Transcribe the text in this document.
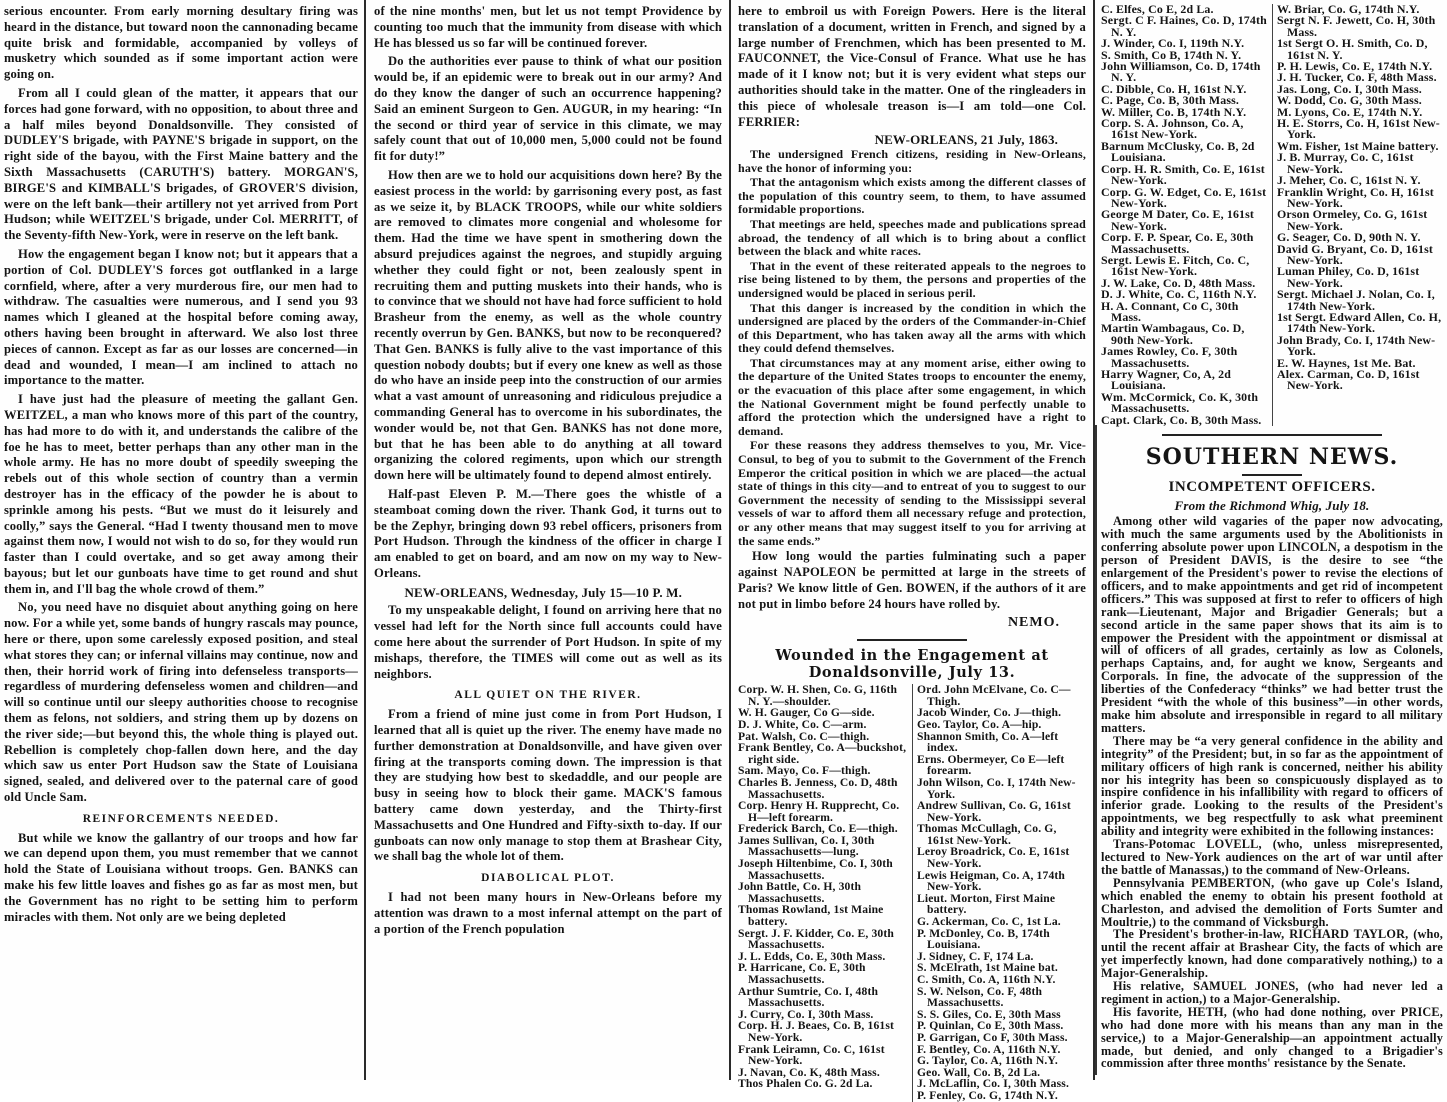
serious encounter. From early morning desultary firing was heard in the distance, but toward noon the cannonading became quite brisk and formidable, accompanied by volleys of musketry which sounded as if some important action were going on.

From all I could glean of the matter, it appears that our forces had gone forward, with no opposition, to about three and a half miles beyond Donaldsonville. They consisted of DUDLEY'S brigade, with PAYNE'S brigade in support, on the right side of the bayou, with the First Maine battery and the Sixth Massachusetts (CARUTH'S) battery. MORGAN'S, BIRGE'S and KIMBALL'S brigades, of GROVER'S division, were on the left bank—their artillery not yet arrived from Port Hudson; while WEITZEL'S brigade, under Col. MERRITT, of the Seventy-fifth New-York, were in reserve on the left bank.

How the engagement began I know not; but it appears that a portion of Col. DUDLEY'S forces got outflanked in a large cornfield, where, after a very murderous fire, our men had to withdraw. The casualties were numerous, and I send you 93 names which I gleaned at the hospital before coming away, others having been brought in afterward. We also lost three pieces of cannon. Except as far as our losses are concerned—in dead and wounded, I mean—I am inclined to attach no importance to the matter.

I have just had the pleasure of meeting the gallant Gen. WEITZEL, a man who knows more of this part of the country, has had more to do with it, and understands the calibre of the foe he has to meet, better perhaps than any other man in the whole army. He has no more doubt of speedily sweeping the rebels out of this whole section of country than a vermin destroyer has in the efficacy of the powder he is about to sprinkle among his pests. “But we must do it leisurely and coolly,” says the General. “Had I twenty thousand men to move against them now, I would not wish to do so, for they would run faster than I could overtake, and so get away among their bayous; but let our gunboats have time to get round and shut them in, and I'll bag the whole crowd of them.”

No, you need have no disquiet about anything going on here now. For a while yet, some bands of hungry rascals may pounce, here or there, upon some carelessly exposed position, and steal what stores they can; or infernal villains may continue, now and then, their horrid work of firing into defenseless transports—regardless of murdering defenseless women and children—and will so continue until our sleepy authorities choose to recognise them as felons, not soldiers, and string them up by dozens on the river side;—but beyond this, the whole thing is played out. Rebellion is completely chop-fallen down here, and the day which saw us enter Port Hudson saw the State of Louisiana signed, sealed, and delivered over to the paternal care of good old Uncle Sam.

REINFORCEMENTS NEEDED.

But while we know the gallantry of our troops and how far we can depend upon them, you must remember that we cannot hold the State of Louisiana without troops. Gen. BANKS can make his few little loaves and fishes go as far as most men, but the Government has no right to be setting him to perform miracles with them. Not only are we being depleted

of the nine months' men, but let us not tempt Providence by counting too much that the immunity from disease with which He has blessed us so far will be continued forever.

Do the authorities ever pause to think of what our position would be, if an epidemic were to break out in our army? And do they know the danger of such an occurrence happening? Said an eminent Surgeon to Gen. AUGUR, in my hearing: “In the second or third year of service in this climate, we may safely count that out of 10,000 men, 5,000 could not be found fit for duty!”

How then are we to hold our acquisitions down here? By the easiest process in the world: by garrisoning every post, as fast as we seize it, by BLACK TROOPS, while our white soldiers are removed to climates more congenial and wholesome for them. Had the time we have spent in smothering down the absurd prejudices against the negroes, and stupidly arguing whether they could fight or not, been zealously spent in recruiting them and putting muskets into their hands, who is to convince that we should not have had force sufficient to hold Brasheur from the enemy, as well as the whole country recently overrun by Gen. BANKS, but now to be reconquered? That Gen. BANKS is fully alive to the vast importance of this question nobody doubts; but if every one knew as well as those do who have an inside peep into the construction of our armies what a vast amount of unreasoning and ridiculous prejudice a commanding General has to overcome in his subordinates, the wonder would be, not that Gen. BANKS has not done more, but that he has been able to do anything at all toward organizing the colored regiments, upon which our strength down here will be ultimately found to depend almost entirely.

Half-past Eleven P. M.—There goes the whistle of a steamboat coming down the river. Thank God, it turns out to be the Zephyr, bringing down 93 rebel officers, prisoners from Port Hudson. Through the kindness of the officer in charge I am enabled to get on board, and am now on my way to New-Orleans.

NEW-ORLEANS, Wednesday, July 15—10 P. M.

To my unspeakable delight, I found on arriving here that no vessel had left for the North since full accounts could have come here about the surrender of Port Hudson. In spite of my mishaps, therefore, the TIMES will come out as well as its neighbors.

ALL QUIET ON THE RIVER.

From a friend of mine just come in from Port Hudson, I learned that all is quiet up the river. The enemy have made no further demonstration at Donaldsonville, and have given over firing at the transports coming down. The impression is that they are studying how best to skedaddle, and our people are busy in seeing how to block their game. MACK'S famous battery came down yesterday, and the Thirty-first Massachusetts and One Hundred and Fifty-sixth to-day. If our gunboats can now only manage to stop them at Brashear City, we shall bag the whole lot of them.

DIABOLICAL PLOT.

I had not been many hours in New-Orleans before my attention was drawn to a most infernal attempt on the part of a portion of the French population

here to embroil us with Foreign Powers. Here is the literal translation of a document, written in French, and signed by a large number of Frenchmen, which has been presented to M. FAUCONNET, the Vice-Consul of France. What use he has made of it I know not; but it is very evident what steps our authorities should take in the matter. One of the ringleaders in this piece of wholesale treason is—I am told—one Col. FERRIER:

NEW-ORLEANS, 21 July, 1863.

The undersigned French citizens, residing in New-Orleans, have the honor of informing you:

That the antagonism which exists among the different classes of the population of this country seem, to them, to have assumed formidable proportions.

That meetings are held, speeches made and publications spread abroad, the tendency of all which is to bring about a conflict between the black and white races.

That in the event of these reiterated appeals to the negroes to rise being listened to by them, the persons and properties of the undersigned would be placed in serious peril.

That this danger is increased by the condition in which the undersigned are placed by the orders of the Commander-in-Chief of this Department, who has taken away all the arms with which they could defend themselves.

That circumstances may at any moment arise, either owing to the departure of the United States troops to encounter the enemy, or the evacuation of this place after some engagement, in which the National Government might be found perfectly unable to afford the protection which the undersigned have a right to demand.

For these reasons they address themselves to you, Mr. Vice-Consul, to beg of you to submit to the Government of the French Emperor the critical position in which we are placed—the actual state of things in this city—and to entreat of you to suggest to our Government the necessity of sending to the Mississippi several vessels of war to afford them all necessary refuge and protection, or any other means that may suggest itself to you for arriving at the same ends.”

How long would the parties fulminating such a paper against NAPOLEON be permitted at large in the streets of Paris? We know little of Gen. BOWEN, if the authors of it are not put in limbo before 24 hours have rolled by.

NEMO.
Wounded in the Engagement at Donaldsonville, July 13.
Corp. W. H. Shen, Co. G, 116th N. Y.—shoulder.
W. H. Gauger, Co G—side.
D. J. White, Co. C—arm.
Pat. Walsh, Co. C—thigh.
Frank Bentley, Co. A—buckshot, right side.
Sam. Mayo, Co. F—thigh.
Charles B. Jenness, Co. D, 48th Massachusetts.
Corp. Henry H. Rupprecht, Co. H—left forearm.
Frederick Barch, Co. E—thigh.
James Sullivan, Co. I, 30th Massachusetts—lung.
Joseph Hiltenbime, Co. I, 30th Massachusetts.
John Battle, Co. H, 30th Massachusetts.
Thomas Rowland, 1st Maine battery.
Sergt. J. F. Kidder, Co. E, 30th Massachusetts.
J. L. Edds, Co. E, 30th Mass.
P. Harricane, Co. E, 30th Massachusetts.
Arthur Sumtrie, Co. I, 48th Massachusetts.
J. Curry, Co. I, 30th Mass.
Corp. H. J. Beaes, Co. B, 161st New-York.
Frank Leiramn, Co. C, 161st New-York.
J. Navan, Co. K, 48th Mass.
Thos Phalen Co. G. 2d La.
Ord. John McElvane, Co. C—Thigh.
Jacob Winder, Co. J—thigh.
Geo. Taylor, Co. A—hip.
Shannon Smith, Co. A—left index.
Erns. Obermeyer, Co E—left forearm.
John Wilson, Co. I, 174th New-York.
Andrew Sullivan, Co. G, 161st New-York.
Thomas McCullagh, Co. G, 161st New-York.
Leroy Broadrick, Co. E, 161st New-York.
Lewis Heigman, Co. A, 174th New-York.
Lieut. Morton, First Maine battery.
G. Ackerman, Co. C, 1st La.
P. McDonley, Co. B, 174th Louisiana.
J. Sidney, C. F, 174 La.
S. McElrath, 1st Maine bat.
C. Smith, Co. A, 116th N.Y.
S. W. Nelson, Co. F, 48th Massachusetts.
S. S. Giles, Co. E, 30th Mass
P. Quinlan, Co E, 30th Mass.
P. Garrigan, Co F, 30th Mass.
F. Bentley, Co. A, 116th N.Y.
G. Taylor, Co. A, 116th N.Y.
Geo. Wall, Co. B, 2d La.
J. McLaflin, Co. I, 30th Mass.
P. Fenley, Co. G, 174th N.Y.
C. Elfes, Co E, 2d La.
Sergt. C F. Haines, Co. D, 174th N. Y.
J. Winder, Co. I, 119th N.Y.
S. Smith, Co B, 174th N. Y.
John Williamson, Co. D, 174th N. Y.
C. Dibble, Co. H, 161st N.Y.
C. Page, Co. B, 30th Mass.
W. Miller, Co. B, 174th N.Y.
Corp. S. A. Johnson, Co. A, 161st New-York.
Barnum McClusky, Co. B, 2d Louisiana.
Corp. H. R. Smith, Co. E, 161st New-York.
Corp. G. W. Edget, Co. E, 161st New-York.
George M Dater, Co. E, 161st New-York.
Corp. F. P. Spear, Co. E, 30th Massachusetts.
Sergt. Lewis E. Fitch, Co. C, 161st New-York.
J. W. Lake, Co. D, 48th Mass.
D. J. White, Co. C, 116th N.Y.
H. A. Connant, Co C, 30th Mass.
Martin Wambagaus, Co. D, 90th New-York.
James Rowley, Co. F, 30th Massachusetts.
Harry Wagner, Co, A, 2d Louisiana.
Wm. McCormick, Co. K, 30th Massachusetts.
Capt. Clark, Co. B, 30th Mass.
W. Briar, Co. G, 174th N.Y.
Sergt N. F. Jewett, Co. H, 30th Mass.
1st Sergt O. H. Smith, Co. D, 161st N. Y.
P. H. Lewis, Co. E, 174th N.Y.
J. H. Tucker, Co. F, 48th Mass.
Jas. Long, Co. I, 30th Mass.
W. Dodd, Co. G, 30th Mass.
M. Lyons, Co. E, 174th N.Y.
H. E. Storrs, Co. H, 161st New-York.
Wm. Fisher, 1st Maine battery.
J. B. Murray, Co. C, 161st New-York.
J. Meher, Co. C, 161st N. Y.
Franklin Wright, Co. H, 161st New-York.
Orson Ormeley, Co. G, 161st New-York.
G. Seager, Co. D, 90th N. Y.
David G. Bryant, Co. D, 161st New-York.
Luman Philey, Co. D, 161st New-York.
Sergt. Michael J. Nolan, Co. I, 174th New-York.
1st Sergt. Edward Allen, Co. H, 174th New-York.
John Brady, Co. I, 174th New-York.
E. W. Haynes, 1st Me. Bat.
Alex. Carman, Co. D, 161st New-York.
SOUTHERN NEWS.
INCOMPETENT OFFICERS.
From the Richmond Whig, July 18.

Among other wild vagaries of the paper now advocating, with much the same arguments used by the Abolitionists in conferring absolute power upon LINCOLN, a despotism in the person of President DAVIS, is the desire to see “the enlargement of the President's power to revise the elections of officers, and to make appointments and get rid of incompetent officers.” This was supposed at first to refer to officers of high rank—Lieutenant, Major and Brigadier Generals; but a second article in the same paper shows that its aim is to empower the President with the appointment or dismissal at will of officers of all grades, certainly as low as Colonels, perhaps Captains, and, for aught we know, Sergeants and Corporals. In fine, the advocate of the suppression of the liberties of the Confederacy “thinks” we had better trust the President “with the whole of this business”—in other words, make him absolute and irresponsible in regard to all military matters.

There may be “a very general confidence in the ability and integrity” of the President; but, in so far as the appointment of military officers of high rank is concerned, neither his ability nor his integrity has been so conspicuously displayed as to inspire confidence in his infallibility with regard to officers of inferior grade. Looking to the results of the President's appointments, we beg respectfully to ask what preeminent ability and integrity were exhibited in the following instances:

Trans-Potomac LOVELL, (who, unless misrepresented, lectured to New-York audiences on the art of war until after the battle of Manassas,) to the command of New-Orleans.

Pennsylvania PEMBERTON, (who gave up Cole's Island, which enabled the enemy to obtain his present foothold at Charleston, and advised the demolition of Forts Sumter and Moultrie,) to the command of Vicksburgh.

The President's brother-in-law, RICHARD TAYLOR, (who, until the recent affair at Brashear City, the facts of which are yet imperfectly known, had done comparatively nothing,) to a Major-Generalship.

His relative, SAMUEL JONES, (who had never led a regiment in action,) to a Major-Generalship.

His favorite, HETH, (who had done nothing, over PRICE, who had done more with his means than any man in the service,) to a Major-Generalship—an appointment actually made, but denied, and only changed to a Brigadier's commission after three months' resistance by the Senate.
